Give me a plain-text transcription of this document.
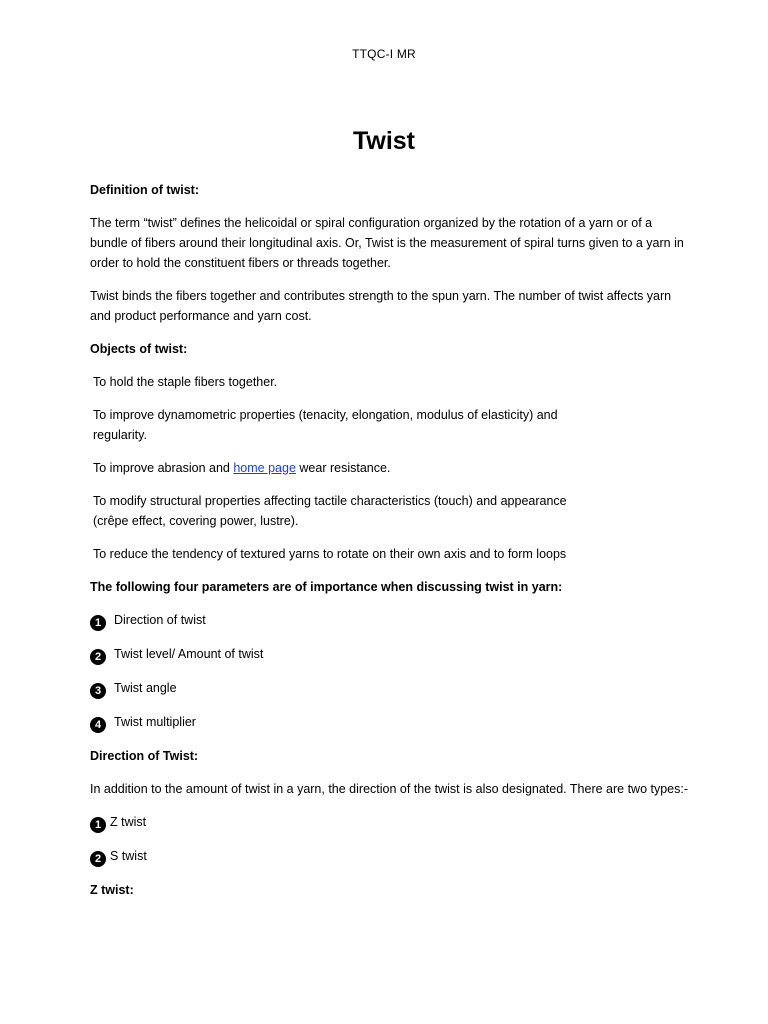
TTQC-I MR
Twist

Definition of twist:

The term “twist” defines the helicoidal or spiral configuration organized by the rotation of a yarn or of a bundle of fibers around their longitudinal axis. Or, Twist is the measurement of spiral turns given to a yarn in order to hold the constituent fibers or threads together.

Twist binds the fibers together and contributes strength to the spun yarn. The number of twist affects yarn and product performance and yarn cost.

Objects of twist:

To hold the staple fibers together.

To improve dynamometric properties (tenacity, elongation, modulus of elasticity) and regularity.

To improve abrasion and home page wear resistance.

To modify structural properties affecting tactile characteristics (touch) and appearance (crêpe effect, covering power, lustre).

To reduce the tendency of textured yarns to rotate on their own axis and to form loops

The following four parameters are of importance when discussing twist in yarn:

1 Direction of twist

2 Twist level/ Amount of twist

3 Twist angle

4 Twist multiplier

Direction of Twist:

In addition to the amount of twist in a yarn, the direction of the twist is also designated. There are two types:-

1 Z twist

2 S twist

Z twist:
